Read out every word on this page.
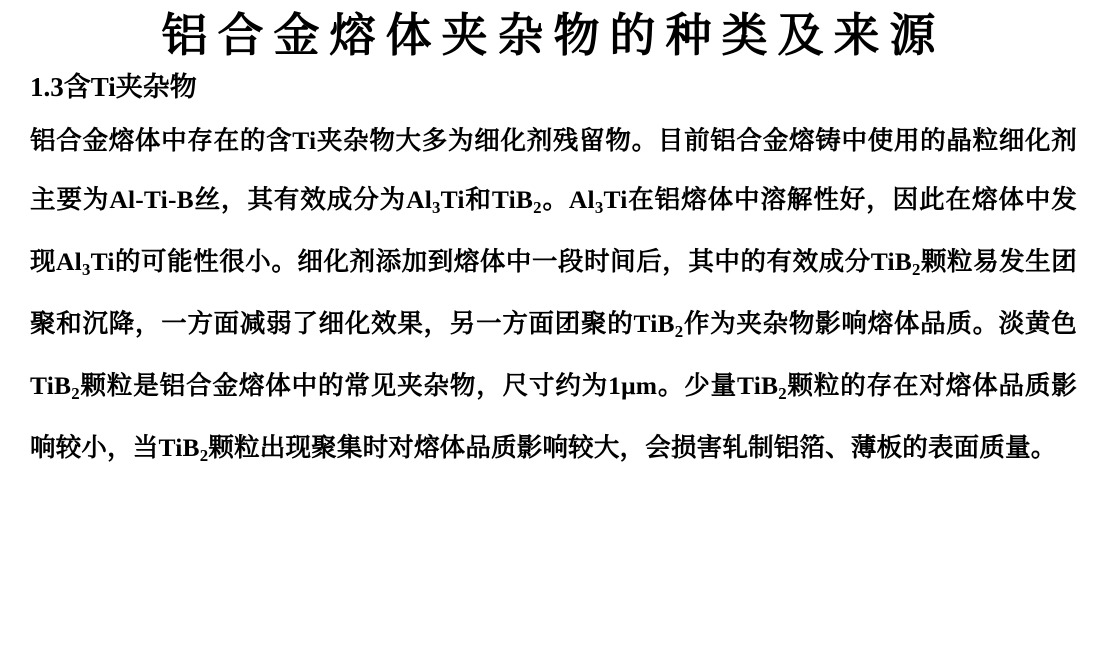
铝合金熔体夹杂物的种类及来源
1.3含Ti夹杂物

铝合金熔体中存在的含Ti夹杂物大多为细化剂残留物。目前铝合金熔铸中使用的晶粒细化剂主要为Al-Ti-B丝，其有效成分为$Al_3Ti$和TiB$_2$。$Al_3Ti$在铝熔体中溶解性好，因此在熔体中发现$Al_3Ti$的可能性很小。细化剂添加到熔体中一段时间后，其中的有效成分TiB$_2$颗粒易发生团聚和沉降，一方面减弱了细化效果，另一方面团聚的TiB$_2$作为夹杂物影响熔体品质。淡黄色TiB$_2$颗粒是铝合金熔体中的常见夹杂物，尺寸约为1μm。少量TiB$_2$颗粒的存在对熔体品质影响较小，当TiB$_2$颗粒出现聚集时对熔体品质影响较大，会损害轧制铝箔、薄板的表面质量。
